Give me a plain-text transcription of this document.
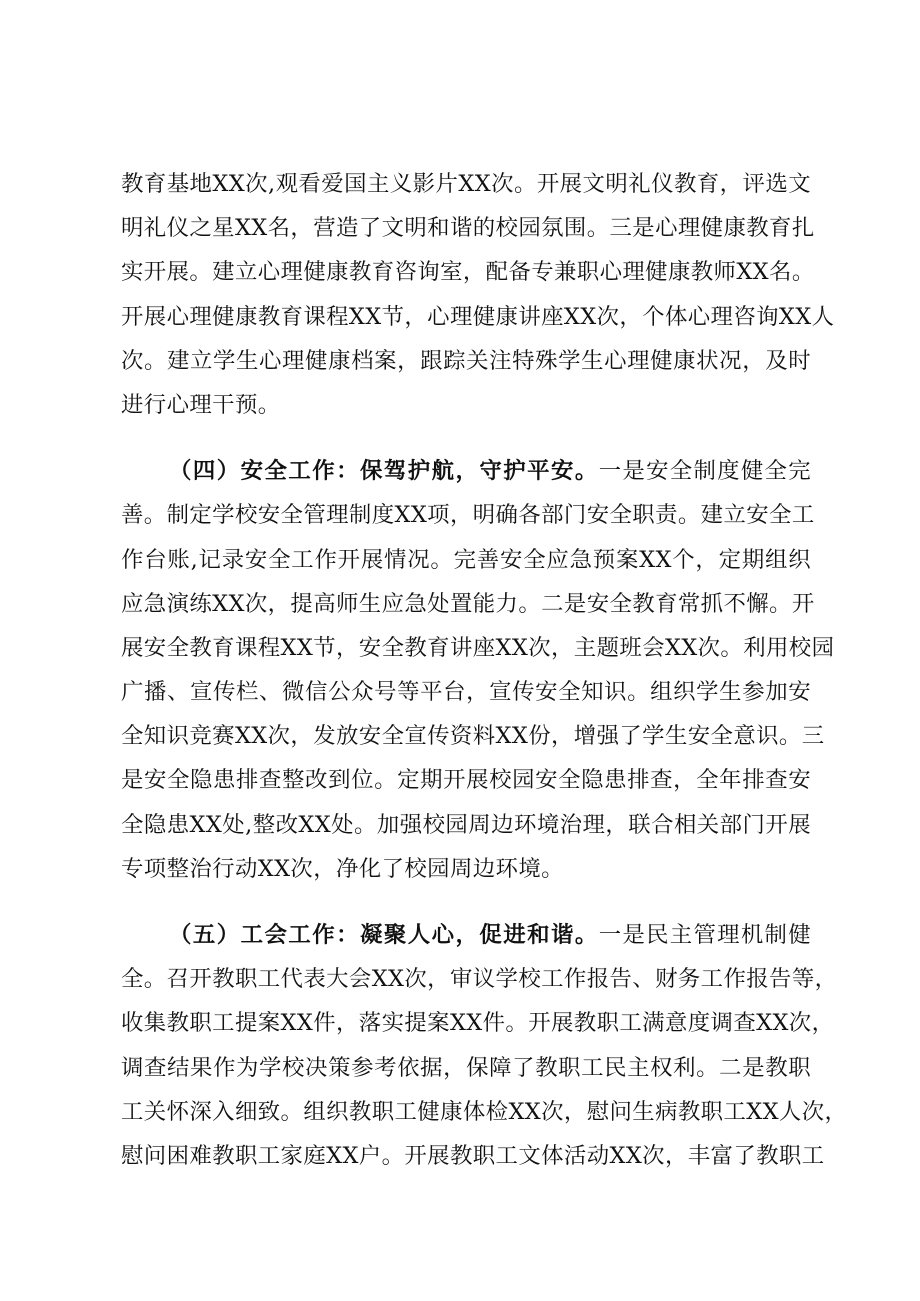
教育基地XX次,观看爱国主义影片XX次。开展文明礼仪教育，评选文
明礼仪之星XX名，营造了文明和谐的校园氛围。三是心理健康教育扎
实开展。建立心理健康教育咨询室，配备专兼职心理健康教师XX名。
开展心理健康教育课程XX节，心理健康讲座XX次，个体心理咨询XX人
次。建立学生心理健康档案，跟踪关注特殊学生心理健康状况，及时
进行心理干预。
（四）安全工作：保驾护航，守护平安。一是安全制度健全完
善。制定学校安全管理制度XX项，明确各部门安全职责。建立安全工
作台账,记录安全工作开展情况。完善安全应急预案XX个，定期组织
应急演练XX次，提高师生应急处置能力。二是安全教育常抓不懈。开
展安全教育课程XX节，安全教育讲座XX次，主题班会XX次。利用校园
广播、宣传栏、微信公众号等平台，宣传安全知识。组织学生参加安
全知识竞赛XX次，发放安全宣传资料XX份，增强了学生安全意识。三
是安全隐患排查整改到位。定期开展校园安全隐患排查，全年排查安
全隐患XX处,整改XX处。加强校园周边环境治理，联合相关部门开展
专项整治行动XX次，净化了校园周边环境。
（五）工会工作：凝聚人心，促进和谐。一是民主管理机制健
全。召开教职工代表大会XX次，审议学校工作报告、财务工作报告等，
收集教职工提案XX件，落实提案XX件。开展教职工满意度调查XX次，
调查结果作为学校决策参考依据，保障了教职工民主权利。二是教职
工关怀深入细致。组织教职工健康体检XX次，慰问生病教职工XX人次，
慰问困难教职工家庭XX户。开展教职工文体活动XX次，丰富了教职工
